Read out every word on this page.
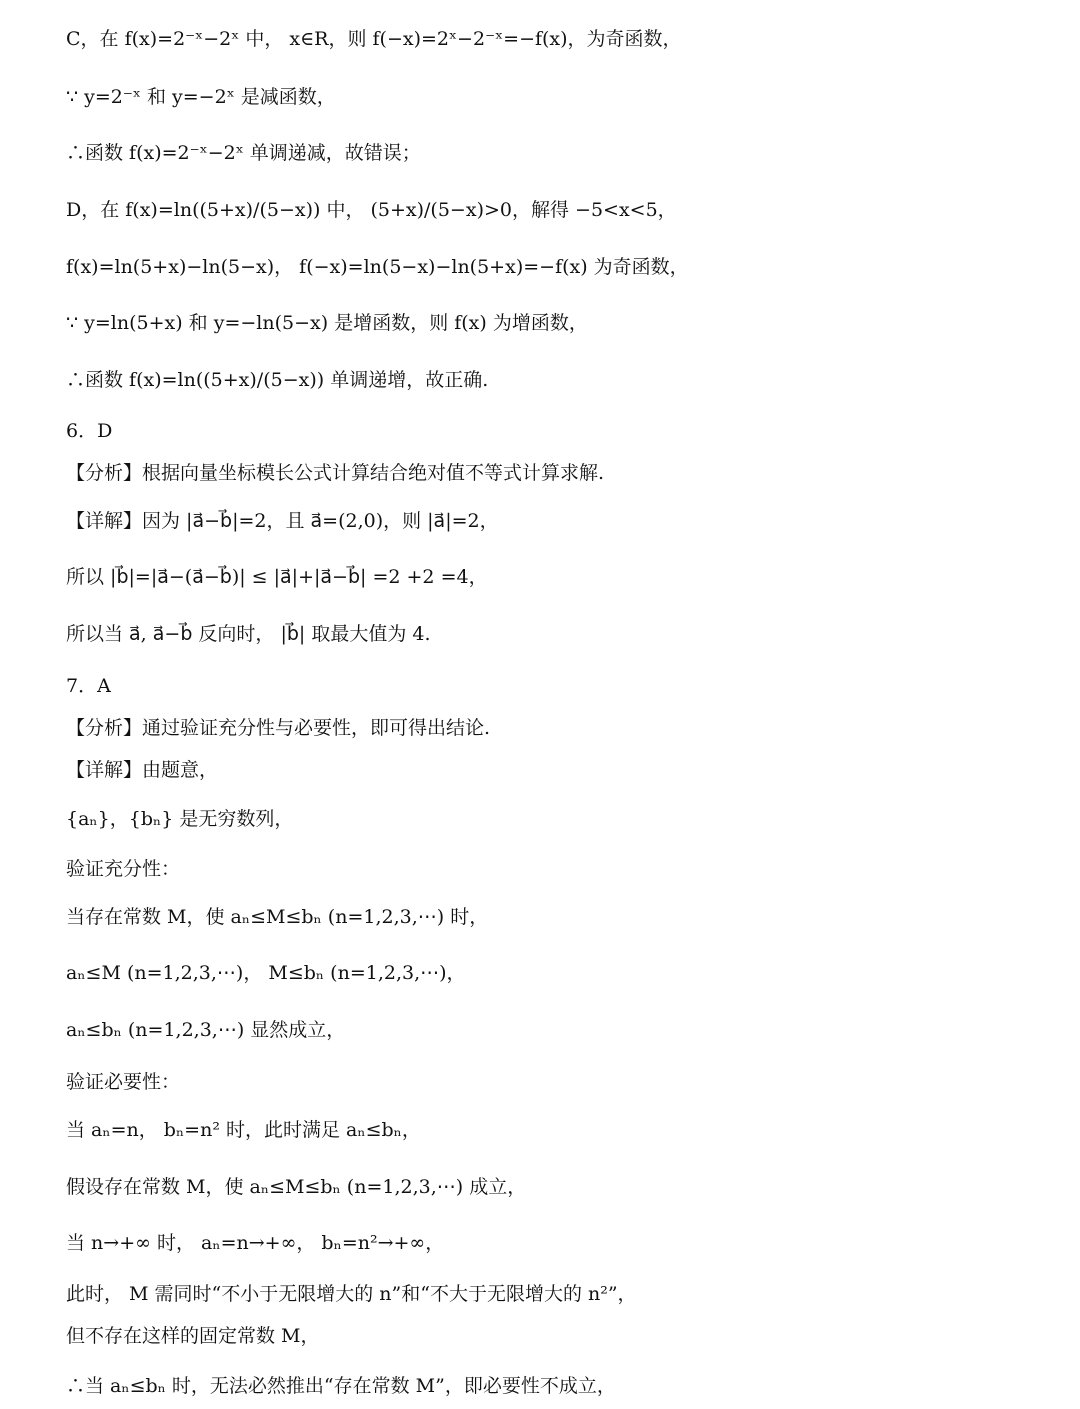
C，在 f(x)=2⁻ˣ−2ˣ 中， x∈R，则 f(−x)=2ˣ−2⁻ˣ=−f(x)，为奇函数，
∵ y=2⁻ˣ 和 y=−2ˣ 是减函数，
∴函数 f(x)=2⁻ˣ−2ˣ 单调递减，故错误；
D，在 f(x)=ln((5+x)/(5−x)) 中， (5+x)/(5−x)>0，解得 −5<x<5，
f(x)=ln(5+x)−ln(5−x)， f(−x)=ln(5−x)−ln(5+x)=−f(x) 为奇函数，
∵ y=ln(5+x) 和 y=−ln(5−x) 是增函数，则 f(x) 为增函数，
∴函数 f(x)=ln((5+x)/(5−x)) 单调递增，故正确.
6．D
【分析】根据向量坐标模长公式计算结合绝对值不等式计算求解.
【详解】因为 |a⃗−b⃗|=2，且 a⃗=(2,0)，则 |a⃗|=2，
所以 |b⃗|=|a⃗−(a⃗−b⃗)| ≤ |a⃗|+|a⃗−b⃗| =2 +2 =4，
所以当 a⃗, a⃗−b⃗ 反向时， |b⃗| 取最大值为 4.
7．A
【分析】通过验证充分性与必要性，即可得出结论.
【详解】由题意，
{aₙ}，{bₙ} 是无穷数列，
验证充分性：
当存在常数 M，使 aₙ≤M≤bₙ (n=1,2,3,⋯) 时，
aₙ≤M (n=1,2,3,⋯)， M≤bₙ (n=1,2,3,⋯)，
aₙ≤bₙ (n=1,2,3,⋯) 显然成立，
验证必要性：
当 aₙ=n， bₙ=n² 时，此时满足 aₙ≤bₙ，
假设存在常数 M，使 aₙ≤M≤bₙ (n=1,2,3,⋯) 成立，
当 n→+∞ 时， aₙ=n→+∞， bₙ=n²→+∞，
此时， M 需同时“不小于无限增大的 n”和“不大于无限增大的 n²”，
但不存在这样的固定常数 M，
∴当 aₙ≤bₙ 时，无法必然推出“存在常数 M”，即必要性不成立，
